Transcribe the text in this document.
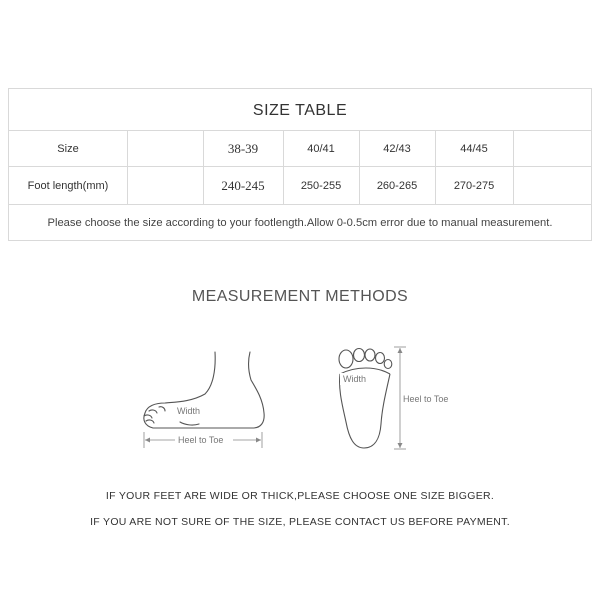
SIZE TABLE
Size	38-39	40/41	42/43	44/45
Foot length(mm)	240-245	250-255	260-265	270-275
Please choose the size according to your footlength.Allow 0-0.5cm error due to manual measurement.
MEASUREMENT METHODS
Width
Heel to Toe
Width
Heel to Toe
IF YOUR FEET ARE WIDE OR THICK,PLEASE CHOOSE ONE SIZE BIGGER.
IF YOU ARE NOT SURE OF THE SIZE, PLEASE CONTACT US BEFORE PAYMENT.
